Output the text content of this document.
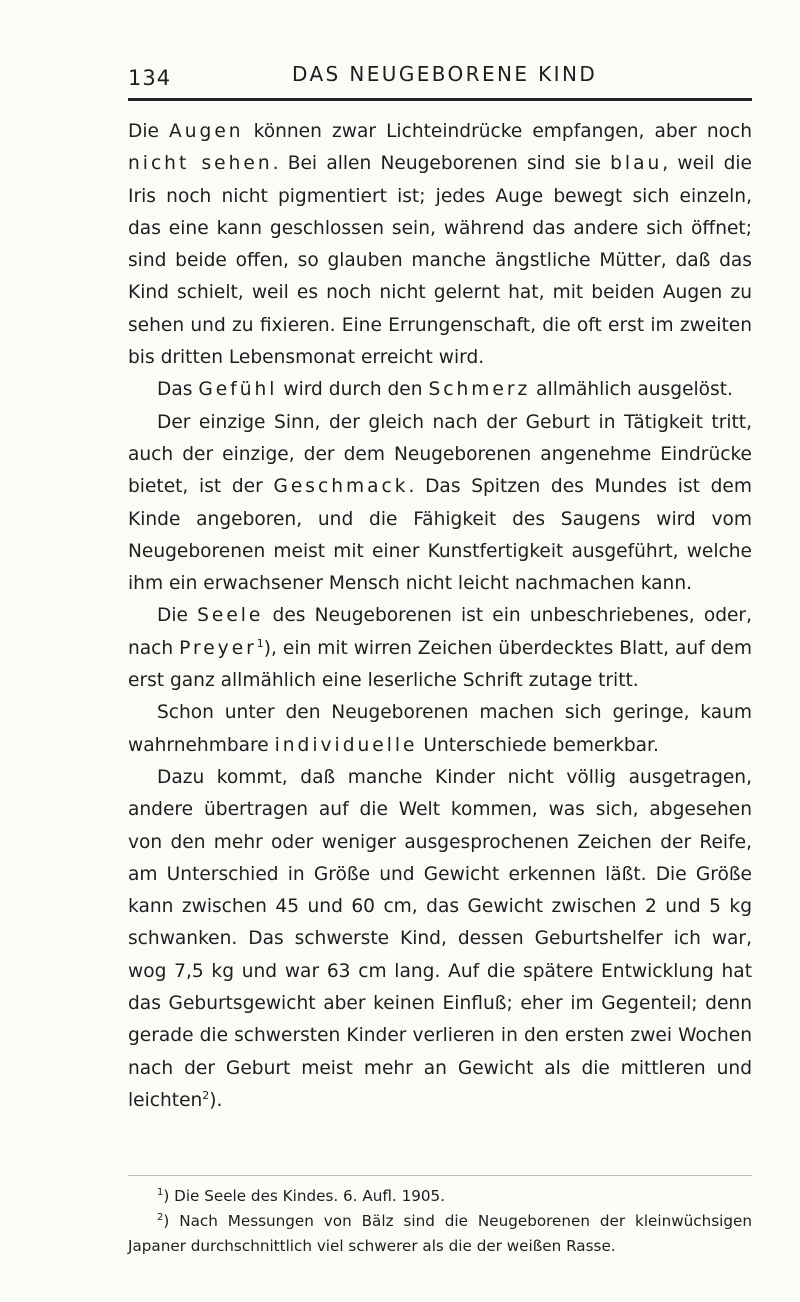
134	DAS NEUGEBORENE KIND

Die Augen können zwar Lichteindrücke empfangen, aber noch nicht sehen. Bei allen Neugeborenen sind sie blau, weil die Iris noch nicht pigmentiert ist; jedes Auge bewegt sich einzeln, das eine kann geschlossen sein, während das andere sich öffnet; sind beide offen, so glauben manche ängstliche Mütter, daß das Kind schielt, weil es noch nicht gelernt hat, mit beiden Augen zu sehen und zu fixieren. Eine Errungenschaft, die oft erst im zweiten bis dritten Lebensmonat erreicht wird.

Das Gefühl wird durch den Schmerz allmählich ausgelöst.

Der einzige Sinn, der gleich nach der Geburt in Tätigkeit tritt, auch der einzige, der dem Neugeborenen angenehme Eindrücke bietet, ist der Geschmack. Das Spitzen des Mundes ist dem Kinde angeboren, und die Fähigkeit des Saugens wird vom Neugeborenen meist mit einer Kunstfertigkeit ausgeführt, welche ihm ein erwachsener Mensch nicht leicht nachmachen kann.

Die Seele des Neugeborenen ist ein unbeschriebenes, oder, nach Preyer$^1$), ein mit wirren Zeichen überdecktes Blatt, auf dem erst ganz allmählich eine leserliche Schrift zutage tritt.

Schon unter den Neugeborenen machen sich geringe, kaum wahrnehmbare individuelle Unterschiede bemerkbar.

Dazu kommt, daß manche Kinder nicht völlig ausgetragen, andere übertragen auf die Welt kommen, was sich, abgesehen von den mehr oder weniger ausgesprochenen Zeichen der Reife, am Unterschied in Größe und Gewicht erkennen läßt. Die Größe kann zwischen 45 und 60 cm, das Gewicht zwischen 2 und 5 kg schwanken. Das schwerste Kind, dessen Geburtshelfer ich war, wog 7,5 kg und war 63 cm lang. Auf die spätere Entwicklung hat das Geburtsgewicht aber keinen Einfluß; eher im Gegenteil; denn gerade die schwersten Kinder verlieren in den ersten zwei Wochen nach der Geburt meist mehr an Gewicht als die mittleren und leichten$^2$).

$^1$) Die Seele des Kindes. 6. Aufl. 1905.

$^2$) Nach Messungen von Bälz sind die Neugeborenen der kleinwüchsigen Japaner durchschnittlich viel schwerer als die der weißen Rasse.
